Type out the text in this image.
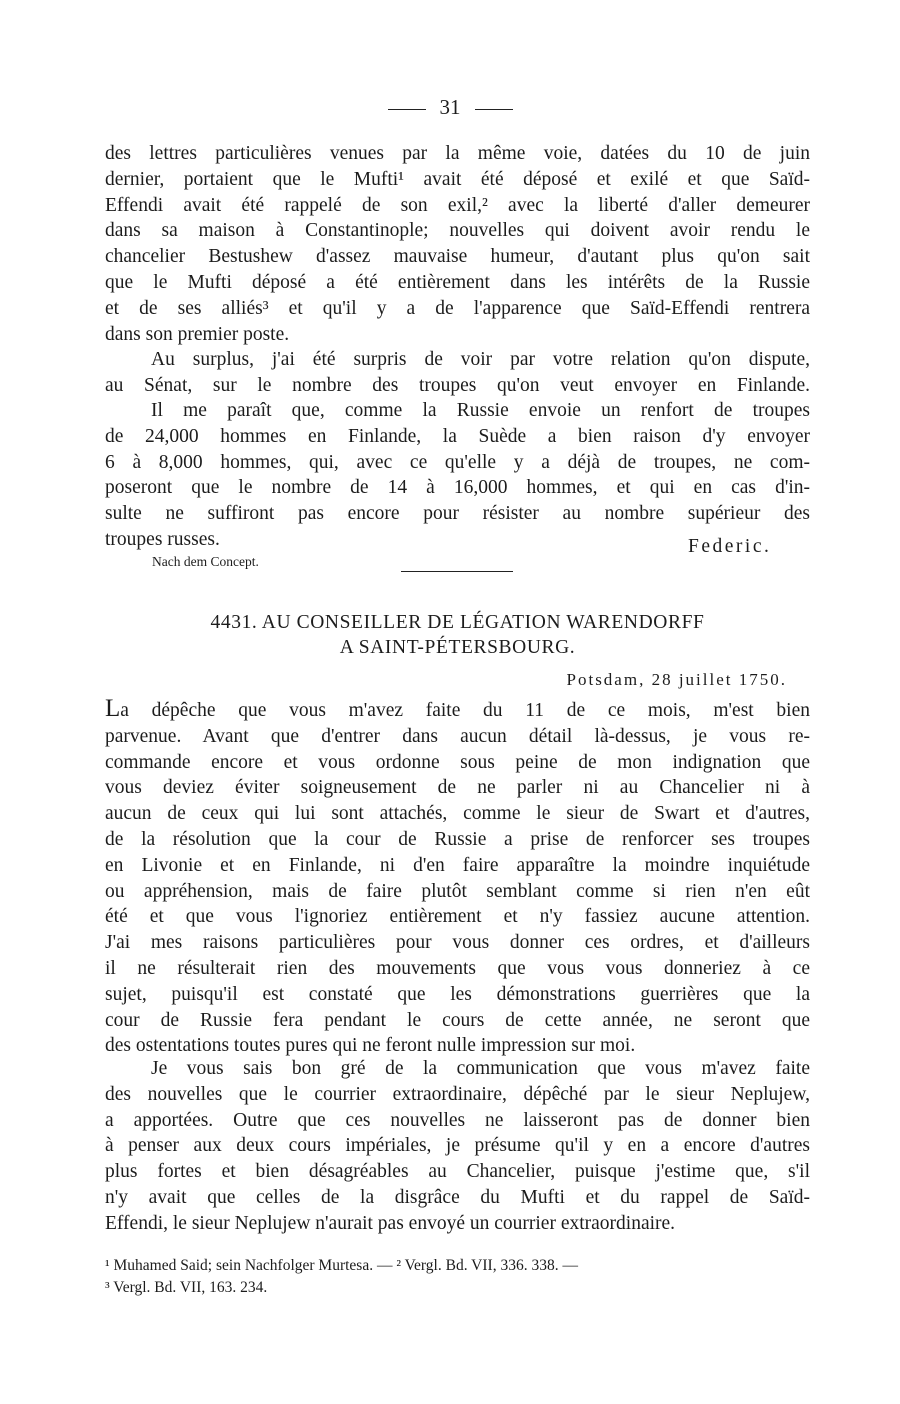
31
des lettres particulières venues par la même voie, datées du 10 de juin
dernier, portaient que le Mufti¹ avait été déposé et exilé et que Saïd-
Effendi avait été rappelé de son exil,² avec la liberté d'aller demeurer
dans sa maison à Constantinople; nouvelles qui doivent avoir rendu le
chancelier Bestushew d'assez mauvaise humeur, d'autant plus qu'on sait
que le Mufti déposé a été entièrement dans les intérêts de la Russie
et de ses alliés³ et qu'il y a de l'apparence que Saïd-Effendi rentrera
dans son premier poste.
Au surplus, j'ai été surpris de voir par votre relation qu'on dispute,
au Sénat, sur le nombre des troupes qu'on veut envoyer en Finlande.
Il me paraît que, comme la Russie envoie un renfort de troupes
de 24,000 hommes en Finlande, la Suède a bien raison d'y envoyer
6 à 8,000 hommes, qui, avec ce qu'elle y a déjà de troupes, ne com-
poseront que le nombre de 14 à 16,000 hommes, et qui en cas d'in-
sulte ne suffiront pas encore pour résister au nombre supérieur des
troupes russes.	Federic.
Nach dem Concept.
4431. AU CONSEILLER DE LÉGATION WARENDORFF
A SAINT-PÉTERSBOURG.
Potsdam, 28 juillet 1750.
La dépêche que vous m'avez faite du 11 de ce mois, m'est bien
parvenue. Avant que d'entrer dans aucun détail là-dessus, je vous re-
commande encore et vous ordonne sous peine de mon indignation que
vous deviez éviter soigneusement de ne parler ni au Chancelier ni à
aucun de ceux qui lui sont attachés, comme le sieur de Swart et d'autres,
de la résolution que la cour de Russie a prise de renforcer ses troupes
en Livonie et en Finlande, ni d'en faire apparaître la moindre inquiétude
ou appréhension, mais de faire plutôt semblant comme si rien n'en eût
été et que vous l'ignoriez entièrement et n'y fassiez aucune attention.
J'ai mes raisons particulières pour vous donner ces ordres, et d'ailleurs
il ne résulterait rien des mouvements que vous vous donneriez à ce
sujet, puisqu'il est constaté que les démonstrations guerrières que la
cour de Russie fera pendant le cours de cette année, ne seront que
des ostentations toutes pures qui ne feront nulle impression sur moi.
Je vous sais bon gré de la communication que vous m'avez faite
des nouvelles que le courrier extraordinaire, dépêché par le sieur Neplujew,
a apportées. Outre que ces nouvelles ne laisseront pas de donner bien
à penser aux deux cours impériales, je présume qu'il y en a encore d'autres
plus fortes et bien désagréables au Chancelier, puisque j'estime que, s'il
n'y avait que celles de la disgrâce du Mufti et du rappel de Saïd-
Effendi, le sieur Neplujew n'aurait pas envoyé un courrier extraordinaire.
¹ Muhamed Said; sein Nachfolger Murtesa. — ² Vergl. Bd. VII, 336. 338. —
³ Vergl. Bd. VII, 163. 234.
